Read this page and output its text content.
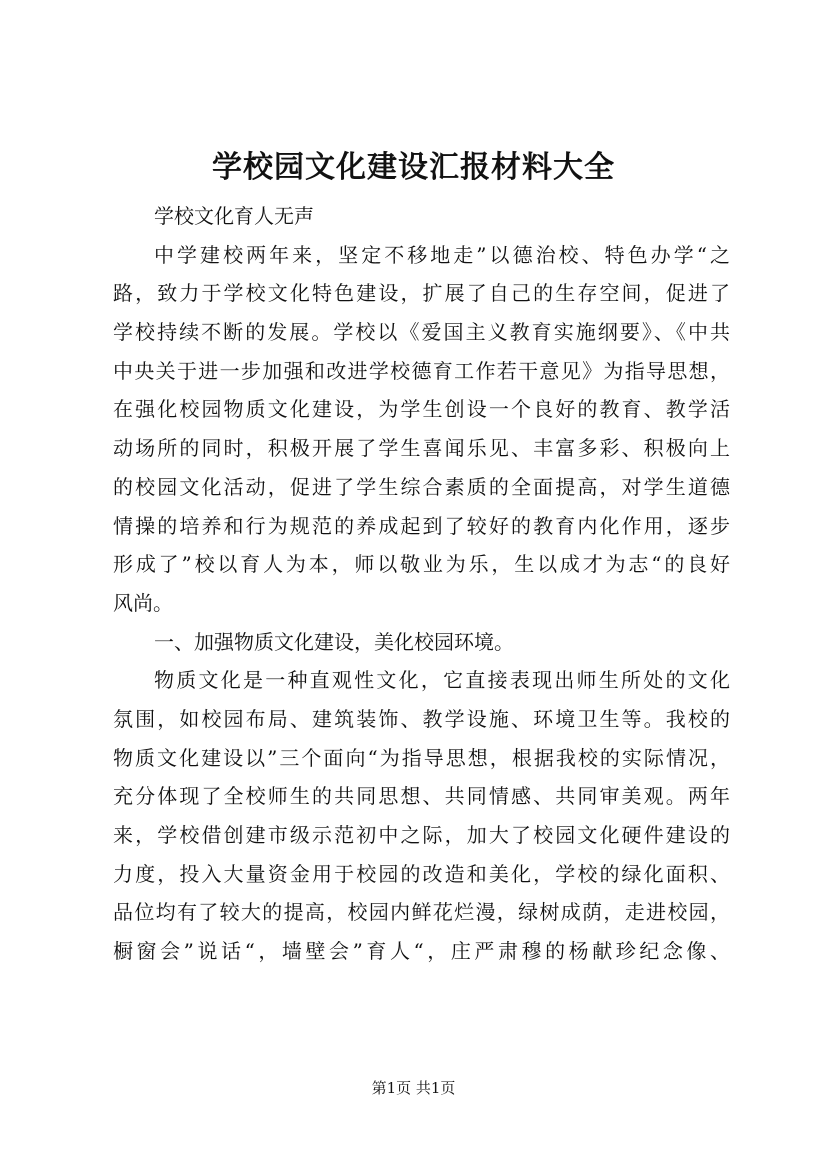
学校园文化建设汇报材料大全
学校文化育人无声
中学建校两年来，坚定不移地走”以德治校、特色办学“之
路，致力于学校文化特色建设，扩展了自己的生存空间，促进了
学校持续不断的发展。学校以《爱国主义教育实施纲要》、《中共
中央关于进一步加强和改进学校德育工作若干意见》为指导思想，
在强化校园物质文化建设，为学生创设一个良好的教育、教学活
动场所的同时，积极开展了学生喜闻乐见、丰富多彩、积极向上
的校园文化活动，促进了学生综合素质的全面提高，对学生道德
情操的培养和行为规范的养成起到了较好的教育内化作用，逐步
形成了”校以育人为本，师以敬业为乐，生以成才为志“的良好
风尚。
一、加强物质文化建设，美化校园环境。
物质文化是一种直观性文化，它直接表现出师生所处的文化
氛围，如校园布局、建筑装饰、教学设施、环境卫生等。我校的
物质文化建设以”三个面向“为指导思想，根据我校的实际情况，
充分体现了全校师生的共同思想、共同情感、共同审美观。两年
来，学校借创建市级示范初中之际，加大了校园文化硬件建设的
力度，投入大量资金用于校园的改造和美化，学校的绿化面积、
品位均有了较大的提高，校园内鲜花烂漫，绿树成荫，走进校园，
橱窗会”说话“，墙壁会”育人“，庄严肃穆的杨献珍纪念像、
第1页 共1页
